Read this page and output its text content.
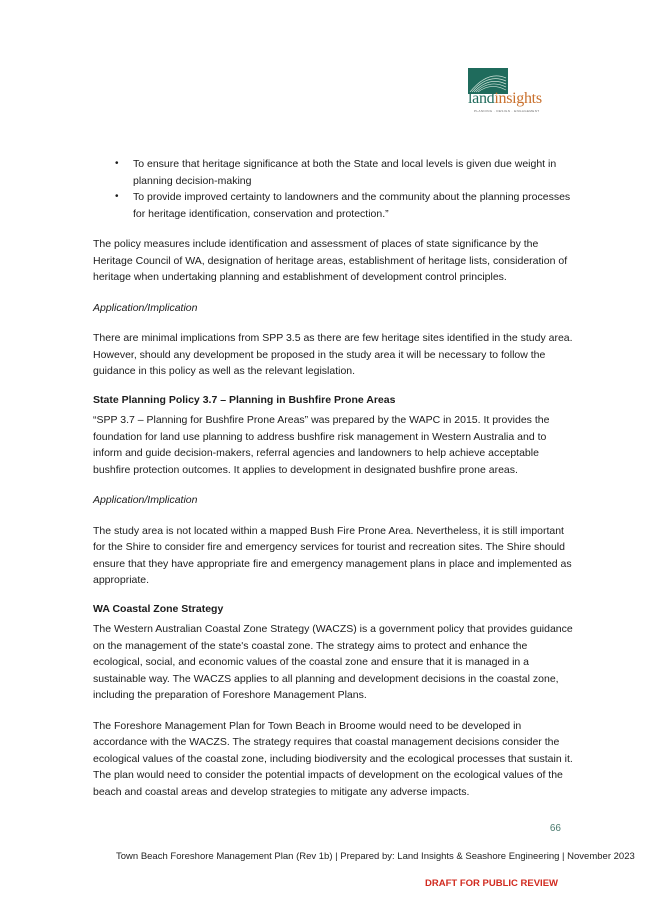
landinsights
PLANNING · DESIGN · ENGAGEMENT
• To ensure that heritage significance at both the State and local levels is given due weight in planning decision-making
• To provide improved certainty to landowners and the community about the planning processes for heritage identification, conservation and protection.”

The policy measures include identification and assessment of places of state significance by the Heritage Council of WA, designation of heritage areas, establishment of heritage lists, consideration of heritage when undertaking planning and establishment of development control principles.

Application/Implication

There are minimal implications from SPP 3.5 as there are few heritage sites identified in the study area. However, should any development be proposed in the study area it will be necessary to follow the guidance in this policy as well as the relevant legislation.

State Planning Policy 3.7 – Planning in Bushfire Prone Areas

“SPP 3.7 – Planning for Bushfire Prone Areas” was prepared by the WAPC in 2015. It provides the foundation for land use planning to address bushfire risk management in Western Australia and to inform and guide decision-makers, referral agencies and landowners to help achieve acceptable bushfire protection outcomes. It applies to development in designated bushfire prone areas.

Application/Implication

The study area is not located within a mapped Bush Fire Prone Area. Nevertheless, it is still important for the Shire to consider fire and emergency services for tourist and recreation sites. The Shire should ensure that they have appropriate fire and emergency management plans in place and implemented as appropriate.

WA Coastal Zone Strategy

The Western Australian Coastal Zone Strategy (WACZS) is a government policy that provides guidance on the management of the state's coastal zone. The strategy aims to protect and enhance the ecological, social, and economic values of the coastal zone and ensure that it is managed in a sustainable way. The WACZS applies to all planning and development decisions in the coastal zone, including the preparation of Foreshore Management Plans.

The Foreshore Management Plan for Town Beach in Broome would need to be developed in accordance with the WACZS. The strategy requires that coastal management decisions consider the ecological values of the coastal zone, including biodiversity and the ecological processes that sustain it. The plan would need to consider the potential impacts of development on the ecological values of the beach and coastal areas and develop strategies to mitigate any adverse impacts.

66
Town Beach Foreshore Management Plan (Rev 1b) | Prepared by: Land Insights & Seashore Engineering | November 2023
DRAFT FOR PUBLIC REVIEW
